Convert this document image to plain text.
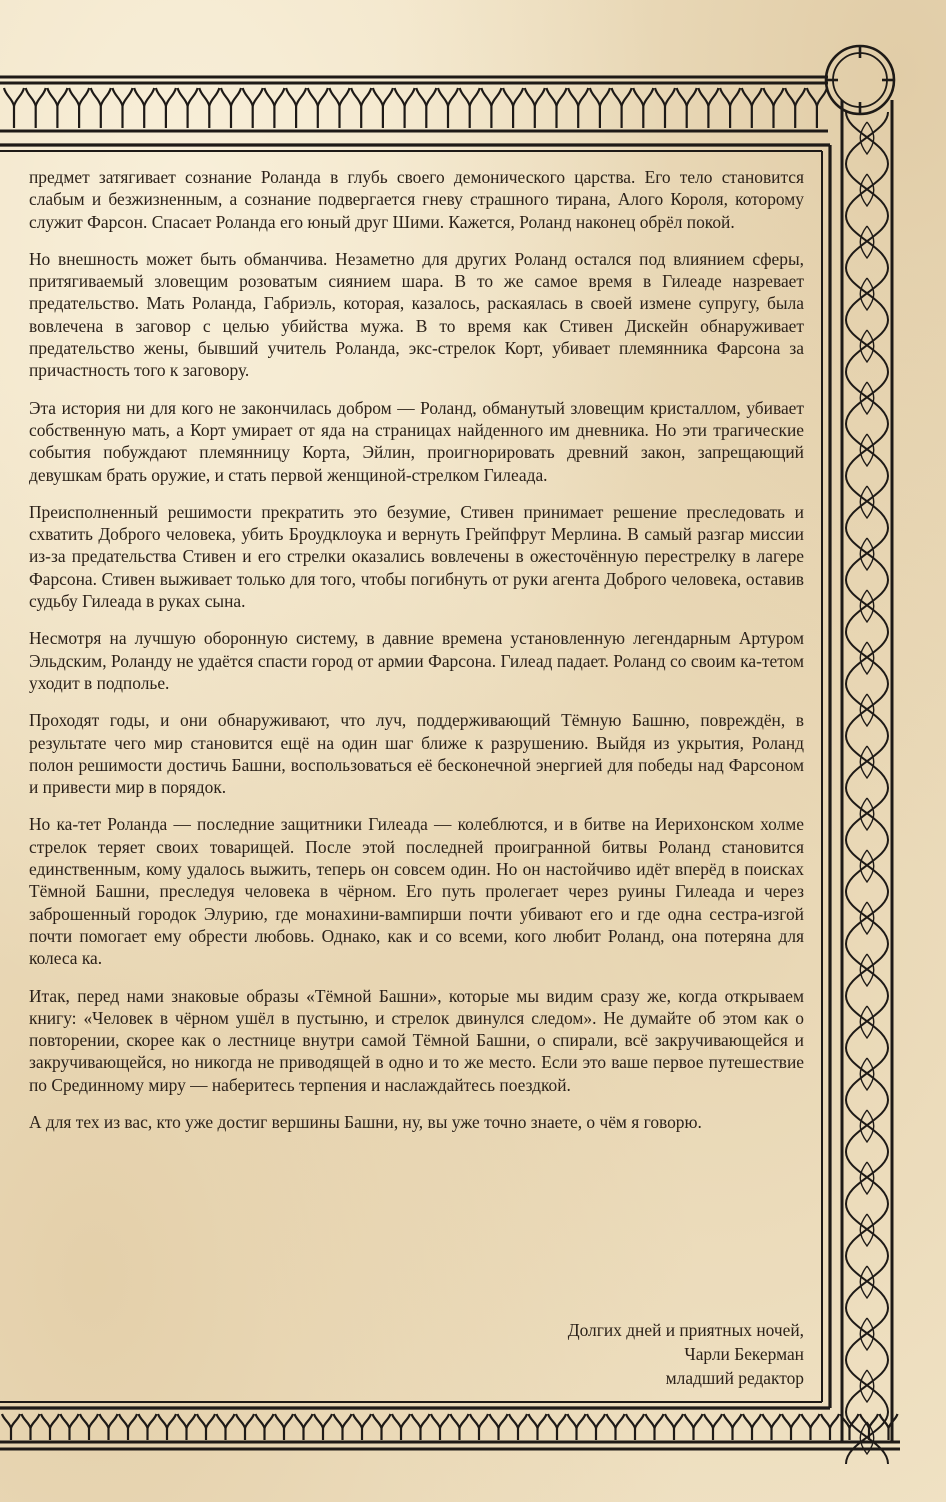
предмет затягивает сознание Роланда в глубь своего демонического царства. Его тело становится слабым и безжизненным, а сознание подвергается гневу страшного тирана, Алого Короля, которому служит Фарсон. Спасает Роланда его юный друг Шими. Кажется, Роланд наконец обрёл покой.

Но внешность может быть обманчива. Незаметно для других Роланд остался под влиянием сферы, притягиваемый зловещим розоватым сиянием шара. В то же самое время в Гилеаде назревает предательство. Мать Роланда, Габриэль, которая, казалось, раскаялась в своей измене супругу, была вовлечена в заговор с целью убийства мужа. В то время как Стивен Дискейн обнаруживает предательство жены, бывший учитель Роланда, экс-стрелок Корт, убивает племянника Фарсона за причастность того к заговору.

Эта история ни для кого не закончилась добром — Роланд, обманутый зловещим кристаллом, убивает собственную мать, а Корт умирает от яда на страницах найденного им дневника. Но эти трагические события побуждают племянницу Корта, Эйлин, проигнорировать древний закон, запрещающий девушкам брать оружие, и стать первой женщиной-стрелком Гилеада.

Преисполненный решимости прекратить это безумие, Стивен принимает решение преследовать и схватить Доброго человека, убить Броудклоука и вернуть Грейпфрут Мерлина. В самый разгар миссии из-за предательства Стивен и его стрелки оказались вовлечены в ожесточённую перестрелку в лагере Фарсона. Стивен выживает только для того, чтобы погибнуть от руки агента Доброго человека, оставив судьбу Гилеада в руках сына.

Несмотря на лучшую оборонную систему, в давние времена установленную легендарным Артуром Эльдским, Роланду не удаётся спасти город от армии Фарсона. Гилеад падает. Роланд со своим ка-тетом уходит в подполье.

Проходят годы, и они обнаруживают, что луч, поддерживающий Тёмную Башню, повреждён, в результате чего мир становится ещё на один шаг ближе к разрушению. Выйдя из укрытия, Роланд полон решимости достичь Башни, воспользоваться её бесконечной энергией для победы над Фарсоном и привести мир в порядок.

Но ка-тет Роланда — последние защитники Гилеада — колеблются, и в битве на Иерихонском холме стрелок теряет своих товарищей. После этой последней проигранной битвы Роланд становится единственным, кому удалось выжить, теперь он совсем один. Но он настойчиво идёт вперёд в поисках Тёмной Башни, преследуя человека в чёрном. Его путь пролегает через руины Гилеада и через заброшенный городок Элурию, где монахини-вампирши почти убивают его и где одна сестра-изгой почти помогает ему обрести любовь. Однако, как и со всеми, кого любит Роланд, она потеряна для колеса ка.

Итак, перед нами знаковые образы «Тёмной Башни», которые мы видим сразу же, когда открываем книгу: «Человек в чёрном ушёл в пустыню, и стрелок двинулся следом». Не думайте об этом как о повторении, скорее как о лестнице внутри самой Тёмной Башни, о спирали, всё закручивающейся и закручивающейся, но никогда не приводящей в одно и то же место. Если это ваше первое путешествие по Срединному миру — наберитесь терпения и наслаждайтесь поездкой.

А для тех из вас, кто уже достиг вершины Башни, ну, вы уже точно знаете, о чём я говорю.

Долгих дней и приятных ночей,
Чарли Бекерман
младший редактор
